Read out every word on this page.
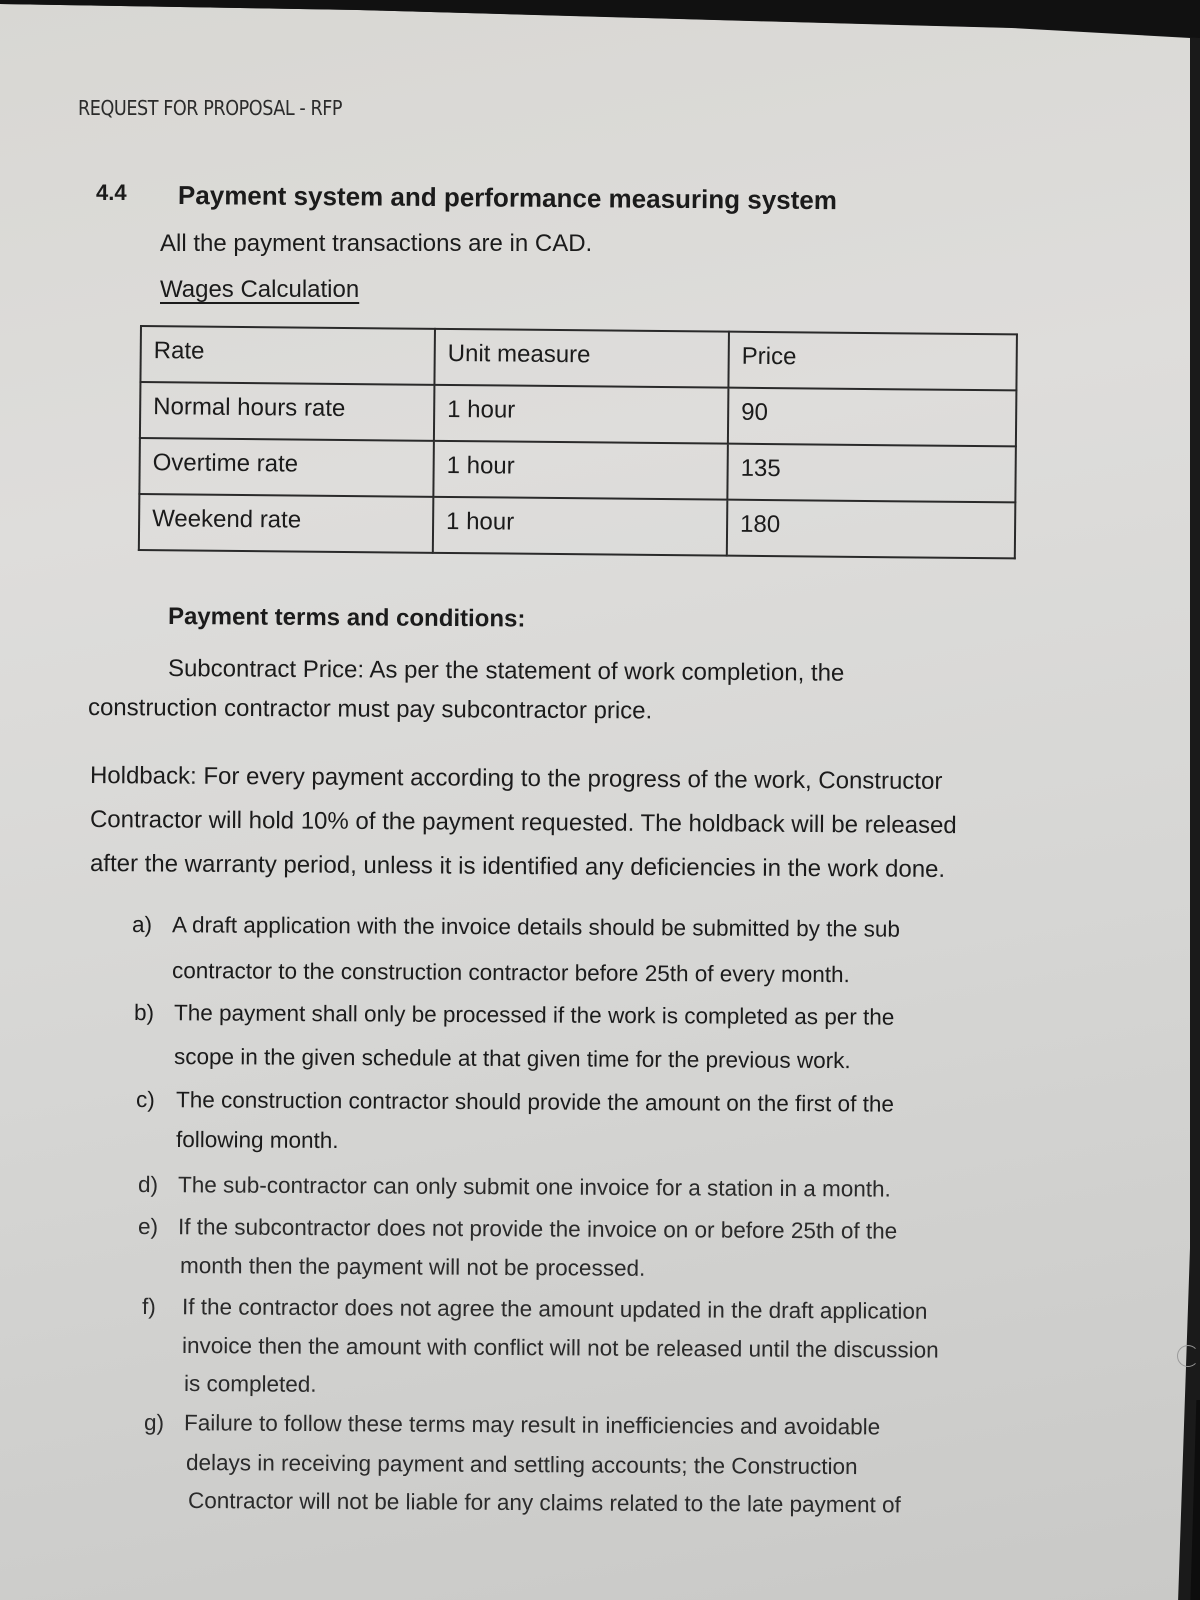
REQUEST FOR PROPOSAL - RFP
4.4 Payment system and performance measuring system
All the payment transactions are in CAD.
Wages Calculation
Rate	Unit measure	Price
Normal hours rate	1 hour	90
Overtime rate	1 hour	135
Weekend rate	1 hour	180
Payment terms and conditions:
Subcontract Price: As per the statement of work completion, the
construction contractor must pay subcontractor price.
Holdback: For every payment according to the progress of the work, Constructor
Contractor will hold 10% of the payment requested. The holdback will be released
after the warranty period, unless it is identified any deficiencies in the work done.
a) A draft application with the invoice details should be submitted by the sub
contractor to the construction contractor before 25th of every month.
b) The payment shall only be processed if the work is completed as per the
scope in the given schedule at that given time for the previous work.
c) The construction contractor should provide the amount on the first of the
following month.
d) The sub-contractor can only submit one invoice for a station in a month.
e) If the subcontractor does not provide the invoice on or before 25th of the
month then the payment will not be processed.
f) If the contractor does not agree the amount updated in the draft application
invoice then the amount with conflict will not be released until the discussion
is completed.
g) Failure to follow these terms may result in inefficiencies and avoidable
delays in receiving payment and settling accounts; the Construction
Contractor will not be liable for any claims related to the late payment of
